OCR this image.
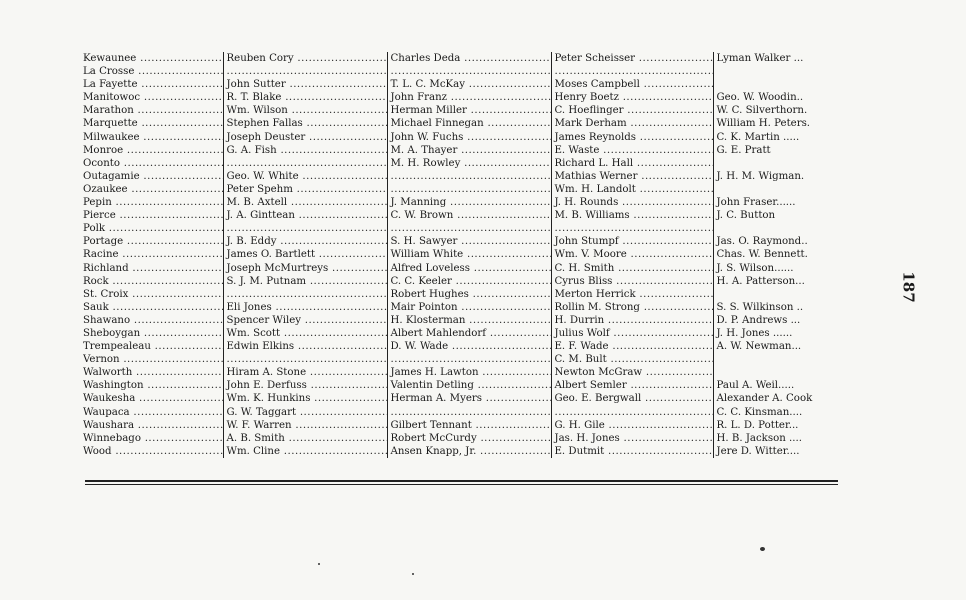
Kewaunee .....	Reuben Cory .....	Charles Deda .....	Peter Scheisser .....	Lyman Walker ...
La Crosse .....	.....	.....	.....	
La Fayette .....	John Sutter .....	T. L. C. McKay .....	Moses Campbell .....	
Manitowoc .....	R. T. Blake .....	John Franz .....	Henry Boetz .....	Geo. W. Woodin..
Marathon .....	Wm. Wilson .....	Herman Miller .....	C. Hoeflinger .....	W. C. Silverthorn.
Marquette .....	Stephen Fallas .....	Michael Finnegan .....	Mark Derham .....	William H. Peters.
Milwaukee .....	Joseph Deuster .....	John W. Fuchs .....	James Reynolds .....	C. K. Martin .....
Monroe .....	G. A. Fish .....	M. A. Thayer .....	E. Waste .....	G. E. Pratt
Oconto .....	.....	M. H. Rowley .....	Richard L. Hall .....	
Outagamie .....	Geo. W. White .....	.....	Mathias Werner .....	J. H. M. Wigman.
Ozaukee .....	Peter Spehm .....	.....	Wm. H. Landolt .....	
Pepin .....	M. B. Axtell .....	J. Manning .....	J. H. Rounds .....	John Fraser......
Pierce .....	J. A. Ginttean .....	C. W. Brown .....	M. B. Williams .....	J. C. Button
Polk .....	.....	.....	.....	
Portage .....	J. B. Eddy .....	S. H. Sawyer .....	John Stumpf .....	Jas. O. Raymond..
Racine .....	James O. Bartlett .....	William White .....	Wm. V. Moore .....	Chas. W. Bennett.
Richland .....	Joseph McMurtreys .....	Alfred Loveless .....	C. H. Smith .....	J. S. Wilson......
Rock .....	S. J. M. Putnam .....	C. C. Keeler .....	Cyrus Bliss .....	H. A. Patterson...
St. Croix .....	.....	Robert Hughes .....	Merton Herrick .....	
Sauk .....	Eli Jones .....	Mair Pointon .....	Rollin M. Strong .....	S. S. Wilkinson ..
Shawano .....	Spencer Wiley .....	H. Klosterman .....	H. Durrin .....	D. P. Andrews ...
Sheboygan .....	Wm. Scott .....	Albert Mahlendorf .....	Julius Wolf .....	J. H. Jones ......
Trempealeau .....	Edwin Elkins .....	D. W. Wade .....	E. F. Wade .....	A. W. Newman...
Vernon .....	.....	.....	C. M. Bult .....	
Walworth .....	Hiram A. Stone .....	James H. Lawton .....	Newton McGraw .....	
Washington .....	John E. Derfuss .....	Valentin Detling .....	Albert Semler .....	Paul A. Weil.....
Waukesha .....	Wm. K. Hunkins .....	Herman A. Myers .....	Geo. E. Bergwall .....	Alexander A. Cook
Waupaca .....	G. W. Taggart .....	.....	.....	C. C. Kinsman....
Waushara .....	W. F. Warren .....	Gilbert Tennant .....	G. H. Gile .....	R. L. D. Potter...
Winnebago .....	A. B. Smith .....	Robert McCurdy .....	Jas. H. Jones .....	H. B. Jackson ....
Wood .....	Wm. Cline .....	Ansen Knapp, Jr. .....	E. Dutmit .....	Jere D. Witter....
187
